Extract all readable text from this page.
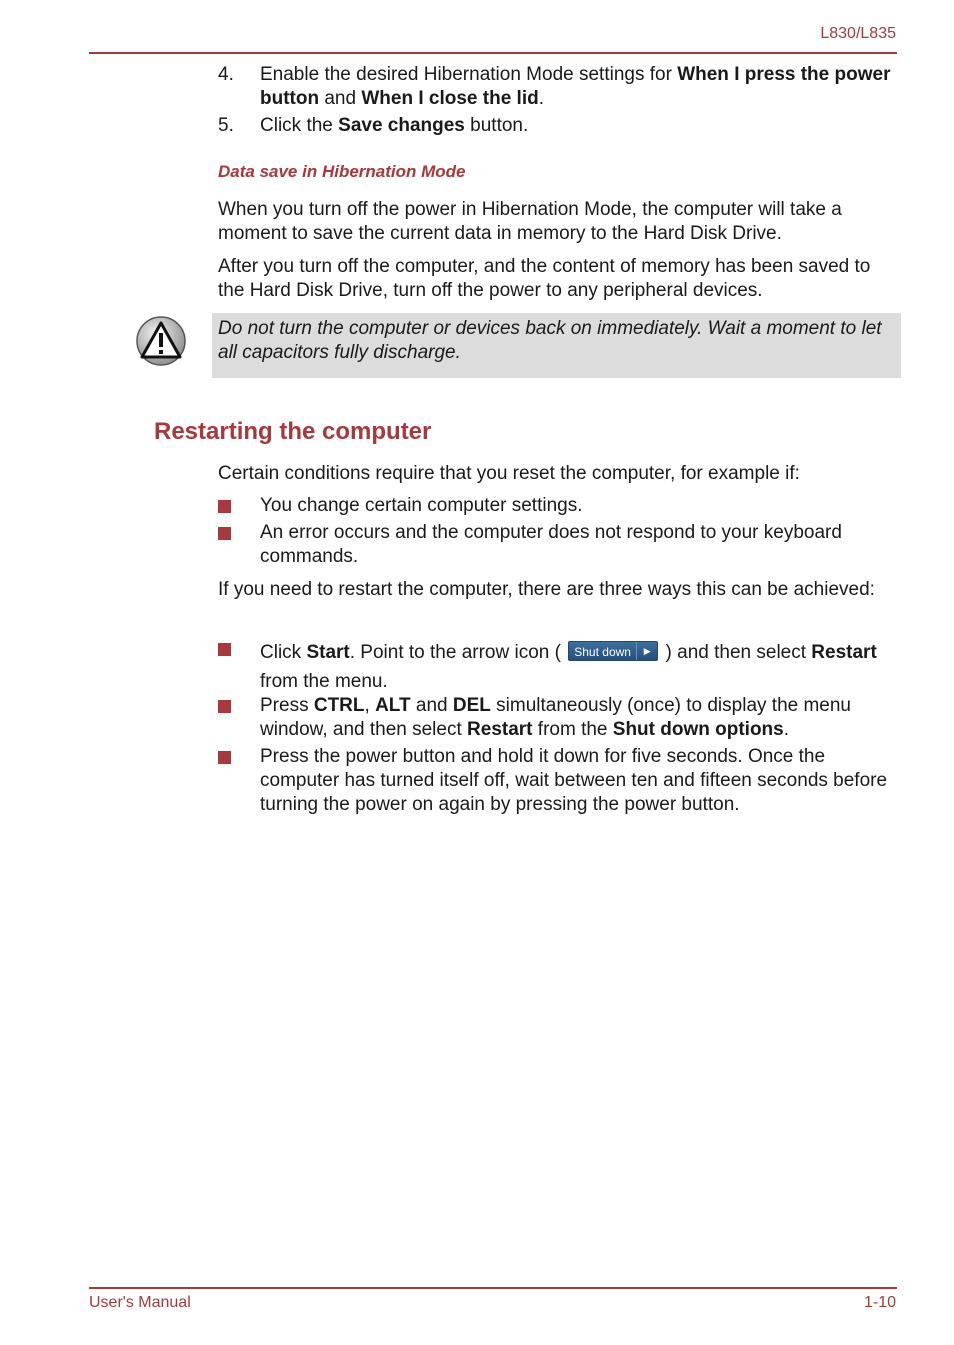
L830/L835
4. Enable the desired Hibernation Mode settings for When I press the power button and When I close the lid.
5. Click the Save changes button.
Data save in Hibernation Mode
When you turn off the power in Hibernation Mode, the computer will take a moment to save the current data in memory to the Hard Disk Drive.
After you turn off the computer, and the content of memory has been saved to the Hard Disk Drive, turn off the power to any peripheral devices.
Do not turn the computer or devices back on immediately. Wait a moment to let all capacitors fully discharge.
Restarting the computer
Certain conditions require that you reset the computer, for example if:
You change certain computer settings.
An error occurs and the computer does not respond to your keyboard commands.
If you need to restart the computer, there are three ways this can be achieved:
Click Start. Point to the arrow icon ( Shut down	▶ ) and then select Restart from the menu.
Press CTRL, ALT and DEL simultaneously (once) to display the menu window, and then select Restart from the Shut down options.
Press the power button and hold it down for five seconds. Once the computer has turned itself off, wait between ten and fifteen seconds before turning the power on again by pressing the power button.
User's Manual	1-10
